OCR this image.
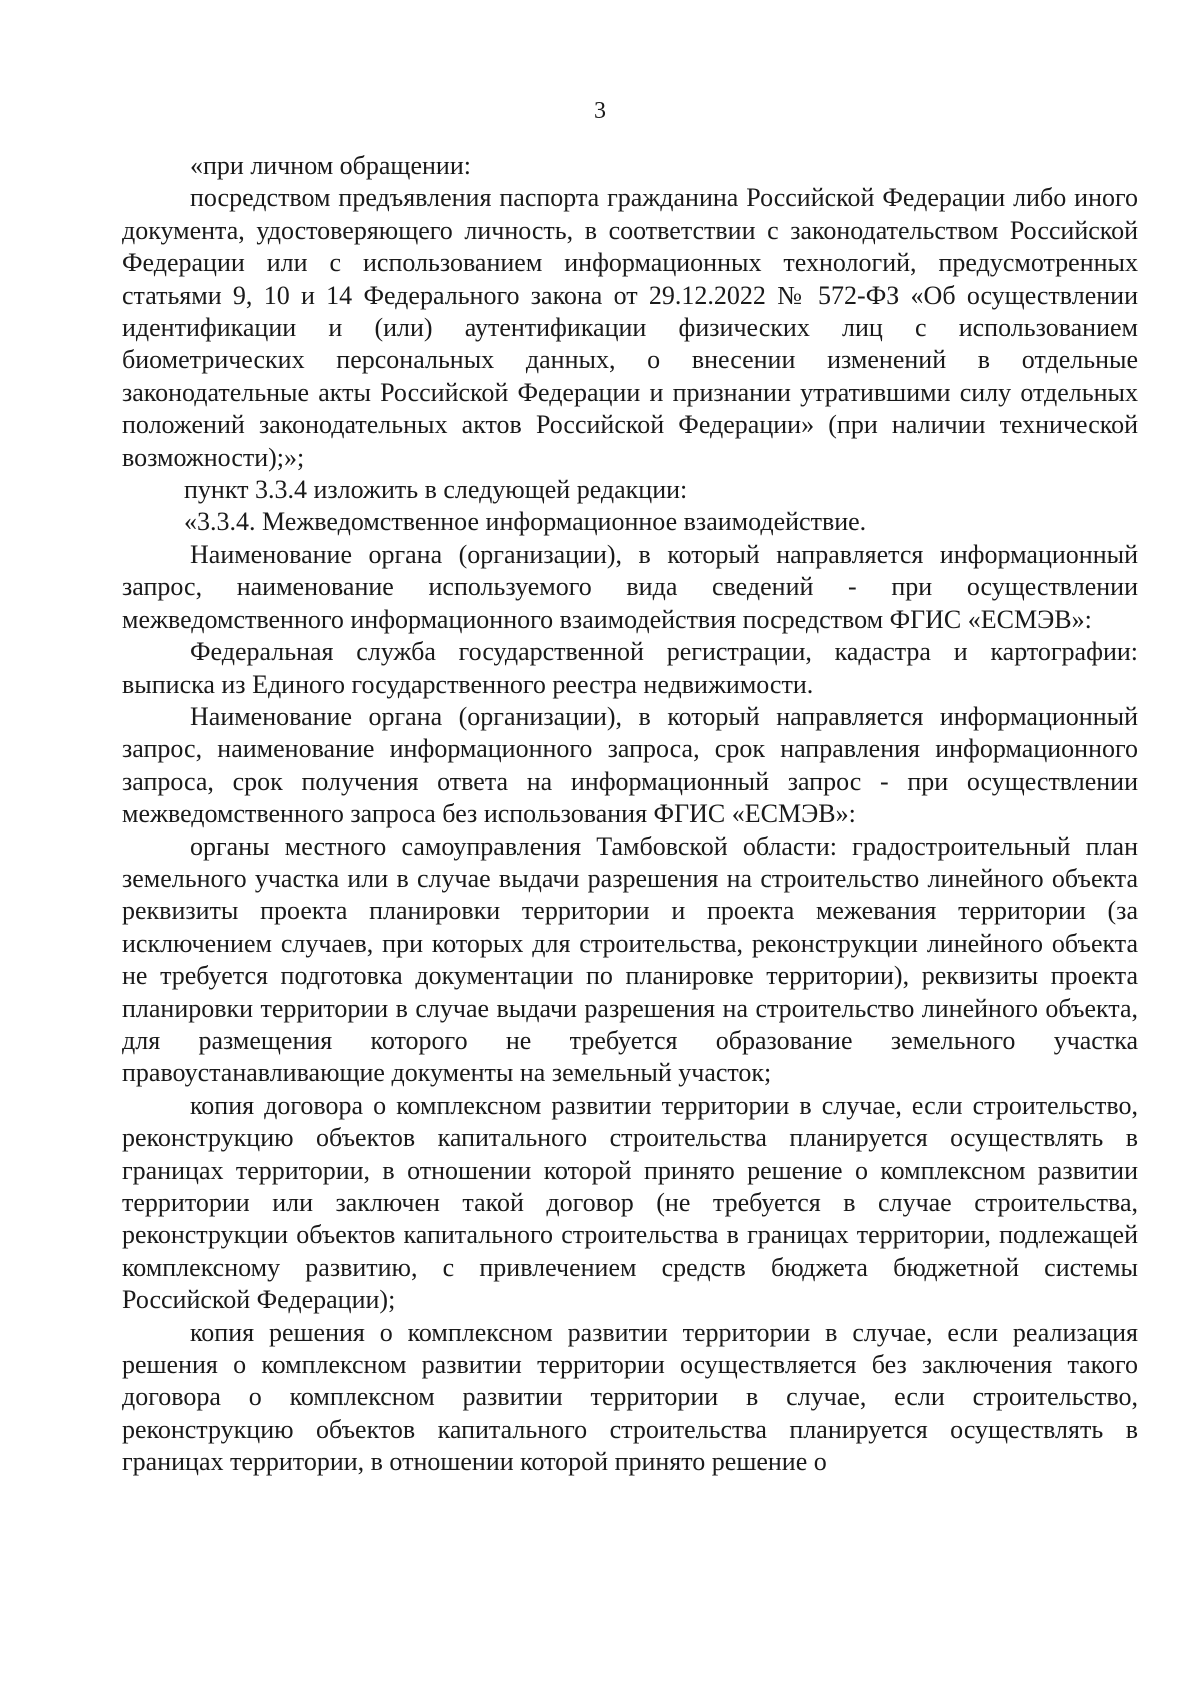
3

«при личном обращении:

посредством предъявления паспорта гражданина Российской Федерации либо иного документа, удостоверяющего личность, в соответствии с законодательством Российской Федерации или с использованием информационных технологий, предусмотренных статьями 9, 10 и 14 Федерального закона от 29.12.2022 № 572-ФЗ «Об осуществлении идентификации и (или) аутентификации физических лиц с использованием биометрических персональных данных, о внесении изменений в отдельные законодательные акты Российской Федерации и признании утратившими силу отдельных положений законодательных актов Российской Федерации» (при наличии технической возможности);»;

пункт 3.3.4 изложить в следующей редакции:

«3.3.4. Межведомственное информационное взаимодействие.

Наименование органа (организации), в который направляется информационный запрос, наименование используемого вида сведений - при осуществлении межведомственного информационного взаимодействия посредством ФГИС «ЕСМЭВ»:

Федеральная служба государственной регистрации, кадастра и картографии: выписка из Единого государственного реестра недвижимости.

Наименование органа (организации), в который направляется информационный запрос, наименование информационного запроса, срок направления информационного запроса, срок получения ответа на информационный запрос - при осуществлении межведомственного запроса без использования ФГИС «ЕСМЭВ»:

органы местного самоуправления Тамбовской области: градостроительный план земельного участка или в случае выдачи разрешения на строительство линейного объекта реквизиты проекта планировки территории и проекта межевания территории (за исключением случаев, при которых для строительства, реконструкции линейного объекта не требуется подготовка документации по планировке территории), реквизиты проекта планировки территории в случае выдачи разрешения на строительство линейного объекта, для размещения которого не требуется образование земельного участка правоустанавливающие документы на земельный участок;

копия договора о комплексном развитии территории в случае, если строительство, реконструкцию объектов капитального строительства планируется осуществлять в границах территории, в отношении которой принято решение о комплексном развитии территории или заключен такой договор (не требуется в случае строительства, реконструкции объектов капитального строительства в границах территории, подлежащей комплексному развитию, с привлечением средств бюджета бюджетной системы Российской Федерации);

копия решения о комплексном развитии территории в случае, если реализация решения о комплексном развитии территории осуществляется без заключения такого договора о комплексном развитии территории в случае, если строительство, реконструкцию объектов капитального строительства планируется осуществлять в границах территории, в отношении которой принято решение о
